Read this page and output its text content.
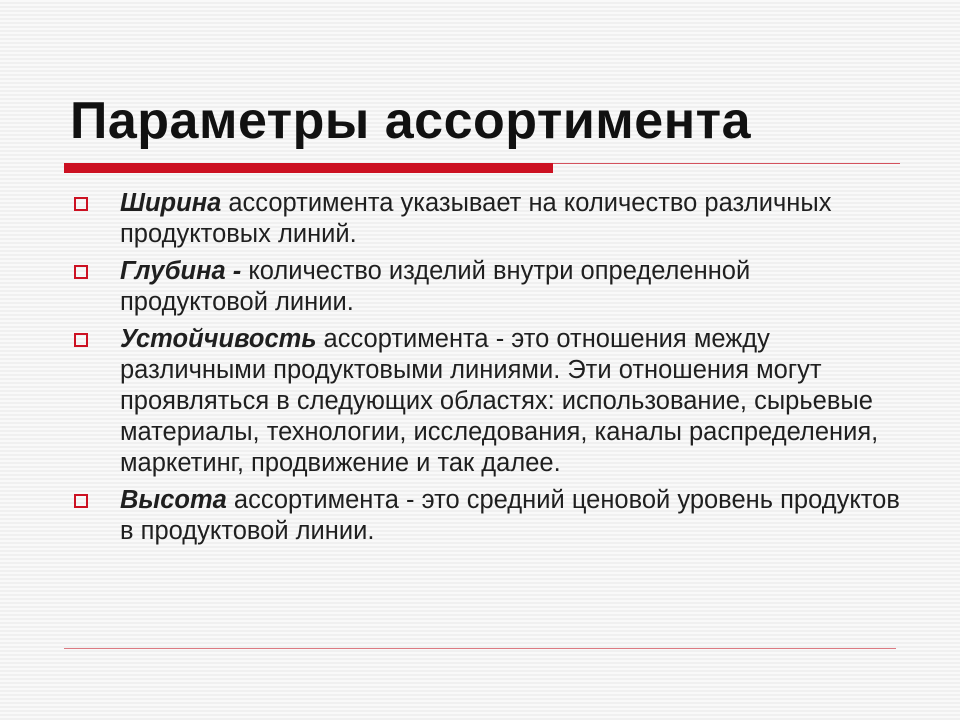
Параметры ассортимента
Ширина ассортимента указывает на количество различных продуктовых линий.
Глубина - количество изделий внутри определенной продуктовой линии.
Устойчивость ассортимента - это отношения между различными продуктовыми линиями. Эти отношения могут проявляться в следующих областях: использование, сырьевые материалы, технологии, исследования, каналы распределения, маркетинг, продвижение и так далее.
Высота ассортимента - это средний ценовой уровень продуктов в продуктовой линии.
